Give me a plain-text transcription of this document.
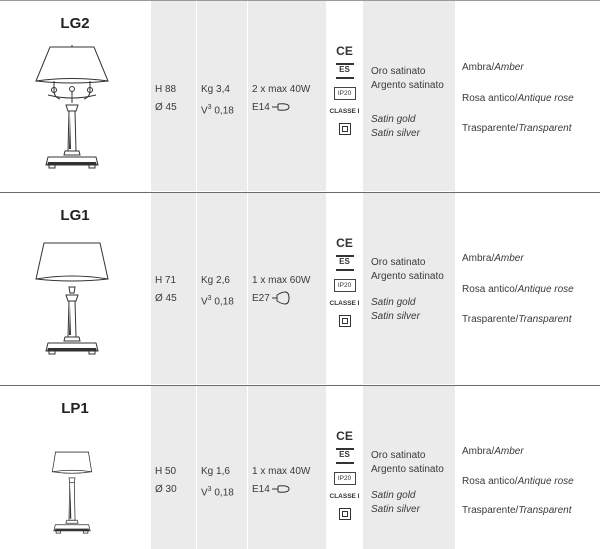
LG2
H 88
Ø 45
Kg 3,4
$V^3$ 0,18
2 x max 40W
E14
CE
ES
IP20
CLASSE I
Oro satinato
Argento satinato
Satin gold
Satin silver
Ambra/Amber
Rosa antico/Antique rose
Trasparente/Transparent
LG1
H 71
Ø 45
Kg 2,6
$V^3$ 0,18
1 x max 60W
E27
CE
ES
IP20
CLASSE I
Oro satinato
Argento satinato
Satin gold
Satin silver
Ambra/Amber
Rosa antico/Antique rose
Trasparente/Transparent
LP1
H 50
Ø 30
Kg 1,6
$V^3$ 0,18
1 x max 40W
E14
CE
ES
IP20
CLASSE I
Oro satinato
Argento satinato
Satin gold
Satin silver
Ambra/Amber
Rosa antico/Antique rose
Trasparente/Transparent
